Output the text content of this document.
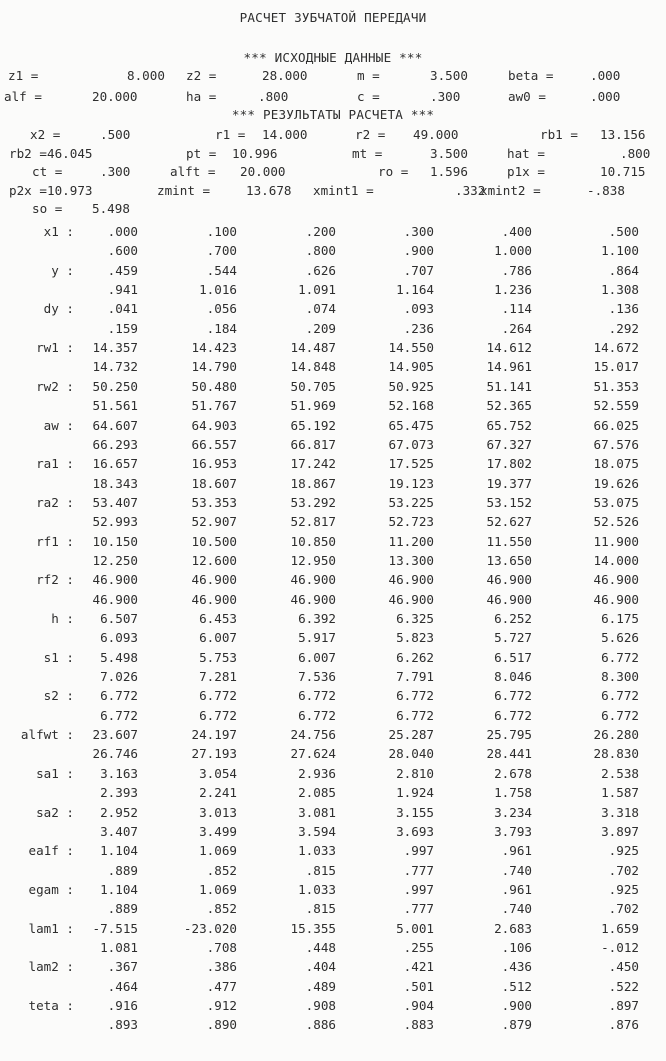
РАСЧЕТ ЗУБЧАТОЙ ПЕРЕДАЧИ
*** ИСХОДНЫЕ ДАННЫЕ ***
z1 =	8.000 z2 =	28.000	m =	3.500	beta =	.000
alf =	20.000	ha =	.800	c =	.300	aw0 =	.000
*** РЕЗУЛЬТАТЫ РАСЧЕТА ***
x2 =	.500	r1 = 14.000	r2 = 49.000	rb1 = 13.156
rb2 = 46.045	pt = 10.996	mt =	3.500	hat =	.800
ct =	.300	alft = 20.000	ro = 1.596	p1x =	10.715
p2x = 10.973	zmint =	13.678 xmint1 =	.332
xmint2 =	-.838
so = 5.498
x1 :	.000	.100	.200	.300	.400	.500
.600	.700	.800	.900	1.000	1.100
y :	.459	.544	.626	.707	.786	.864
.941	1.016	1.091	1.164	1.236	1.308
dy :	.041	.056	.074	.093	.114	.136
.159	.184	.209	.236	.264	.292
rw1 :	14.357	14.423	14.487	14.550	14.612	14.672
14.732	14.790	14.848	14.905	14.961	15.017
rw2 :	50.250	50.480	50.705	50.925	51.141	51.353
51.561	51.767	51.969	52.168	52.365	52.559
aw :	64.607	64.903	65.192	65.475	65.752	66.025
66.293	66.557	66.817	67.073	67.327	67.576
ra1 :	16.657	16.953	17.242	17.525	17.802	18.075
18.343	18.607	18.867	19.123	19.377	19.626
ra2 :	53.407	53.353	53.292	53.225	53.152	53.075
52.993	52.907	52.817	52.723	52.627	52.526
rf1 :	10.150	10.500	10.850	11.200	11.550	11.900
12.250	12.600	12.950	13.300	13.650	14.000
rf2 :	46.900	46.900	46.900	46.900	46.900	46.900
46.900	46.900	46.900	46.900	46.900	46.900
h :	6.507	6.453	6.392	6.325	6.252	6.175
6.093	6.007	5.917	5.823	5.727	5.626
s1 :	5.498	5.753	6.007	6.262	6.517	6.772
7.026	7.281	7.536	7.791	8.046	8.300
s2 :	6.772	6.772	6.772	6.772	6.772	6.772
6.772	6.772	6.772	6.772	6.772	6.772
alfwt :	23.607	24.197	24.756	25.287	25.795	26.280
26.746	27.193	27.624	28.040	28.441	28.830
sa1 :	3.163	3.054	2.936	2.810	2.678	2.538
2.393	2.241	2.085	1.924	1.758	1.587
sa2 :	2.952	3.013	3.081	3.155	3.234	3.318
3.407	3.499	3.594	3.693	3.793	3.897
ea1f :	1.104	1.069	1.033	.997	.961	.925
.889	.852	.815	.777	.740	.702
egam :	1.104	1.069	1.033	.997	.961	.925
.889	.852	.815	.777	.740	.702
lam1 :	-7.515	-23.020	15.355	5.001	2.683	1.659
1.081	.708	.448	.255	.106	-.012
lam2 :	.367	.386	.404	.421	.436	.450
.464	.477	.489	.501	.512	.522
teta :	.916	.912	.908	.904	.900	.897
.893	.890	.886	.883	.879	.876
